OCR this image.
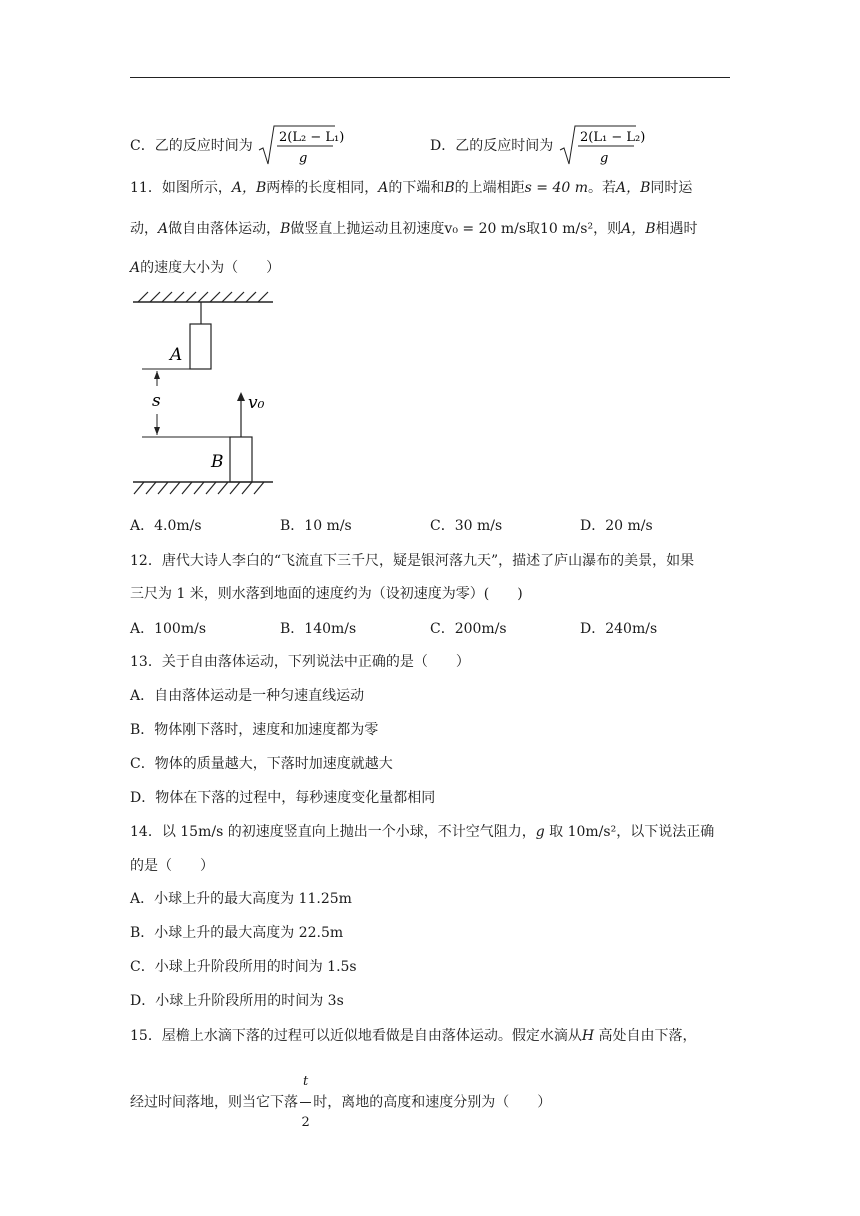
C．乙的反应时间为
2(L₂ − L₁)
g
D．乙的反应时间为
2(L₁ − L₂)
g
11．如图所示，A，B两棒的长度相同，A的下端和B的上端相距s = 40 m。若A，B同时运
动，A做自由落体运动，B做竖直上抛运动且初速度v₀ = 20 m/s取10 m/s²，则A，B相遇时
A的速度大小为（　　）
A
s
B
v₀
A．4.0m/s	B．10 m/s	C．30 m/s	D．20 m/s
12．唐代大诗人李白的“飞流直下三千尺，疑是银河落九天”，描述了庐山瀑布的美景，如果
三尺为 1 米，则水落到地面的速度约为（设初速度为零）(　　)
A．100m/s	B．140m/s	C．200m/s	D．240m/s
13．关于自由落体运动，下列说法中正确的是（　　）
A．自由落体运动是一种匀速直线运动
B．物体刚下落时，速度和加速度都为零
C．物体的质量越大，下落时加速度就越大
D．物体在下落的过程中，每秒速度变化量都相同
14．以 15m/s 的初速度竖直向上抛出一个小球，不计空气阻力，g 取 10m/s²，以下说法正确
的是（　　）
A．小球上升的最大高度为 11.25m
B．小球上升的最大高度为 22.5m
C．小球上升阶段所用的时间为 1.5s
D．小球上升阶段所用的时间为 3s
15．屋檐上水滴下落的过程可以近似地看做是自由落体运动。假定水滴从H 高处自由下落，
经过时间落地，则当它下落 $\frac{t}{2}$ 时，离地的高度和速度分别为（　　）
